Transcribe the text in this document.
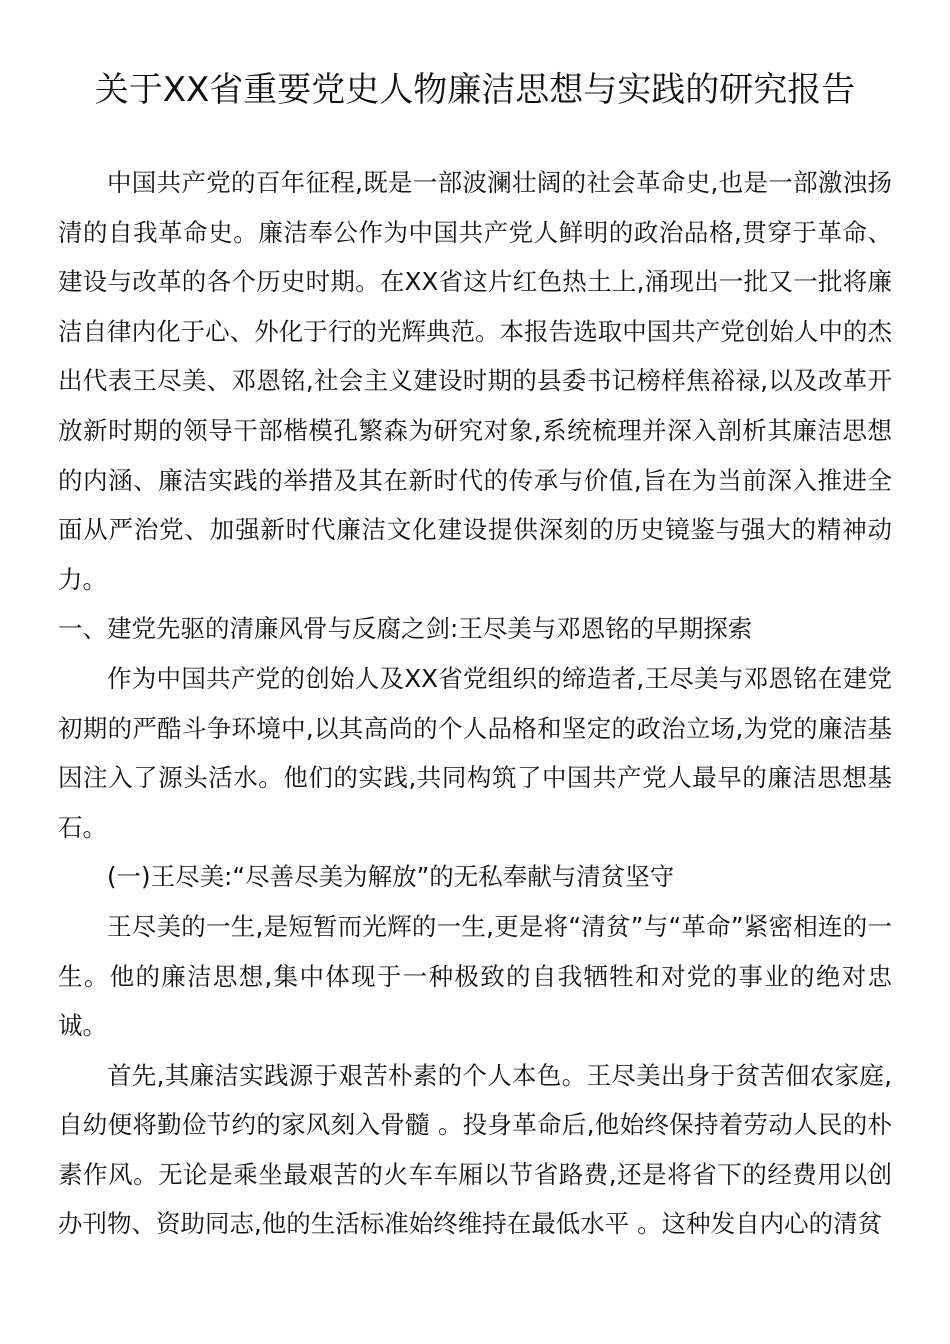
关于XX省重要党史人物廉洁思想与实践的研究报告

中国共产党的百年征程,既是一部波澜壮阔的社会革命史,也是一部激浊扬清的自我革命史。廉洁奉公作为中国共产党人鲜明的政治品格,贯穿于革命、建设与改革的各个历史时期。在XX省这片红色热土上,涌现出一批又一批将廉洁自律内化于心、外化于行的光辉典范。本报告选取中国共产党创始人中的杰出代表王尽美、邓恩铭,社会主义建设时期的县委书记榜样焦裕禄,以及改革开放新时期的领导干部楷模孔繁森为研究对象,系统梳理并深入剖析其廉洁思想的内涵、廉洁实践的举措及其在新时代的传承与价值,旨在为当前深入推进全面从严治党、加强新时代廉洁文化建设提供深刻的历史镜鉴与强大的精神动力。

一、建党先驱的清廉风骨与反腐之剑:王尽美与邓恩铭的早期探索

作为中国共产党的创始人及XX省党组织的缔造者,王尽美与邓恩铭在建党初期的严酷斗争环境中,以其高尚的个人品格和坚定的政治立场,为党的廉洁基因注入了源头活水。他们的实践,共同构筑了中国共产党人最早的廉洁思想基石。

(一)王尽美:“尽善尽美为解放”的无私奉献与清贫坚守

王尽美的一生,是短暂而光辉的一生,更是将“清贫”与“革命”紧密相连的一生。他的廉洁思想,集中体现于一种极致的自我牺牲和对党的事业的绝对忠诚。

首先,其廉洁实践源于艰苦朴素的个人本色。王尽美出身于贫苦佃农家庭,自幼便将勤俭节约的家风刻入骨髓 。投身革命后,他始终保持着劳动人民的朴素作风。无论是乘坐最艰苦的火车车厢以节省路费,还是将省下的经费用以创办刊物、资助同志,他的生活标准始终维持在最低水平 。这种发自内心的清贫
